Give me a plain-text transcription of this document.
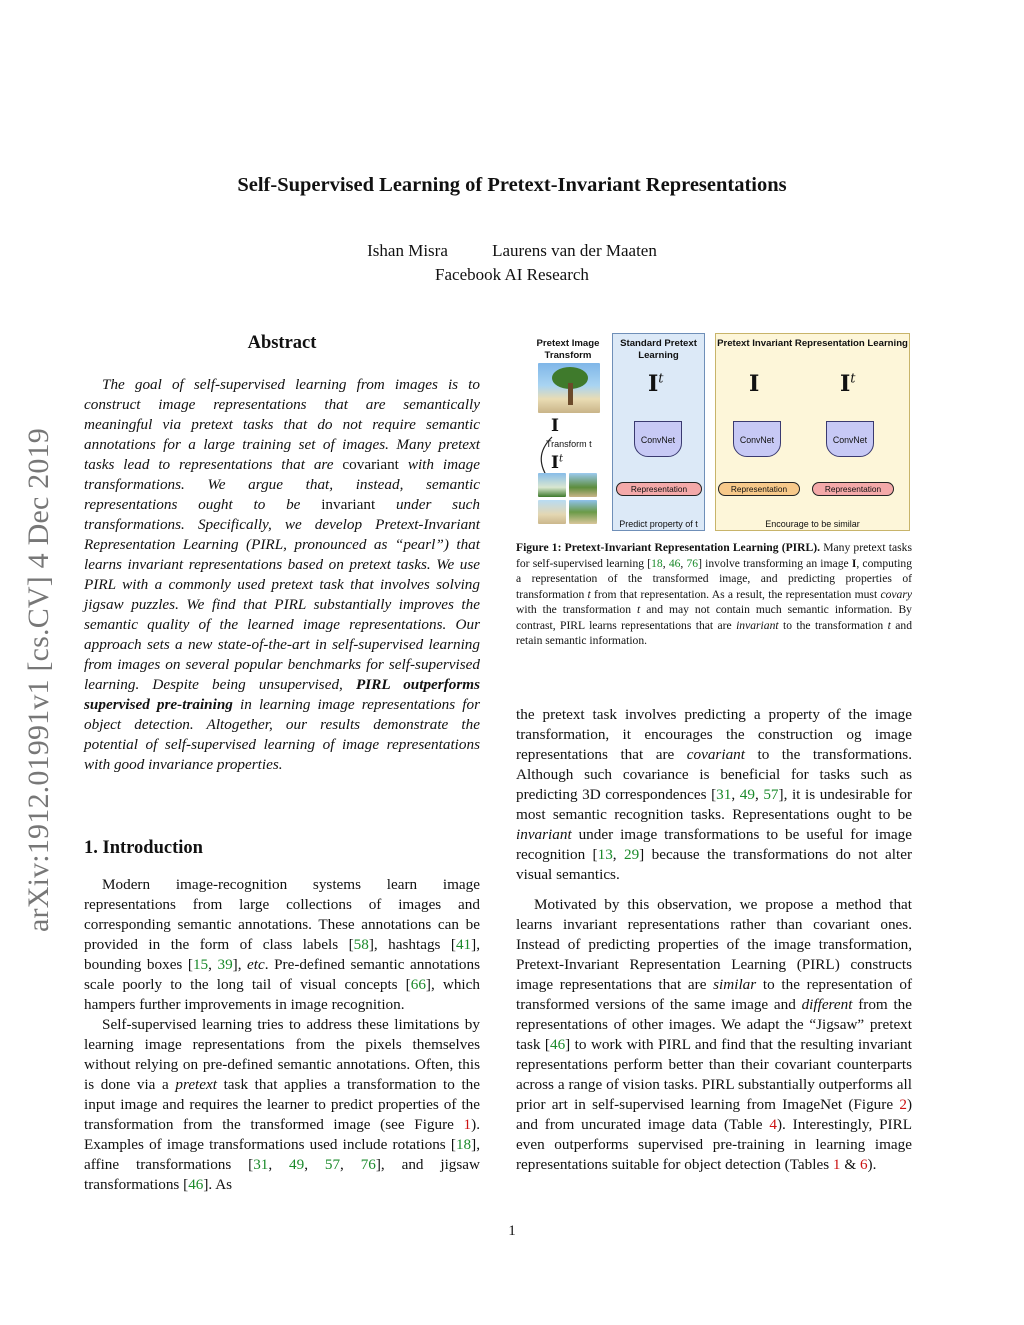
arXiv:1912.01991v1 [cs.CV] 4 Dec 2019
Self-Supervised Learning of Pretext-Invariant Representations
Ishan Misra	Laurens van der Maaten
Facebook AI Research
Abstract
The goal of self-supervised learning from images is to construct image representations that are semantically meaningful via pretext tasks that do not require semantic annotations for a large training set of images. Many pretext tasks lead to representations that are covariant with image transformations. We argue that, instead, semantic representations ought to be invariant under such transformations. Specifically, we develop Pretext-Invariant Representation Learning (PIRL, pronounced as “pearl”) that learns invariant representations based on pretext tasks. We use PIRL with a commonly used pretext task that involves solving jigsaw puzzles. We find that PIRL substantially improves the semantic quality of the learned image representations. Our approach sets a new state-of-the-art in self-supervised learning from images on several popular benchmarks for self-supervised learning. Despite being unsupervised, PIRL outperforms supervised pre-training in learning image representations for object detection. Altogether, our results demonstrate the potential of self-supervised learning of image representations with good invariance properties.
1. Introduction

Modern image-recognition systems learn image representations from large collections of images and corresponding semantic annotations. These annotations can be provided in the form of class labels [58], hashtags [41], bounding boxes [15, 39], etc. Pre-defined semantic annotations scale poorly to the long tail of visual concepts [66], which hampers further improvements in image recognition.

Self-supervised learning tries to address these limitations by learning image representations from the pixels themselves without relying on pre-defined semantic annotations. Often, this is done via a pretext task that applies a transformation to the input image and requires the learner to predict properties of the transformation from the transformed image (see Figure 1). Examples of image transformations used include rotations [18], affine transformations [31, 49, 57, 76], and jigsaw transformations [46]. As

Pretext Image Transform
I
Transform t
$I^t$
Standard Pretext Learning
$I^t$
ConvNet
Representation
Predict property of t
Pretext Invariant Representation Learning
I	$I^t$
ConvNet	ConvNet
Representation	Representation
Encourage to be similar
Figure 1: Pretext-Invariant Representation Learning (PIRL). Many pretext tasks for self-supervised learning [18, 46, 76] involve transforming an image I, computing a representation of the transformed image, and predicting properties of transformation t from that representation. As a result, the representation must covary with the transformation t and may not contain much semantic information. By contrast, PIRL learns representations that are invariant to the transformation t and retain semantic information.

the pretext task involves predicting a property of the image transformation, it encourages the construction og image representations that are covariant to the transformations. Although such covariance is beneficial for tasks such as predicting 3D correspondences [31, 49, 57], it is undesirable for most semantic recognition tasks. Representations ought to be invariant under image transformations to be useful for image recognition [13, 29] because the transformations do not alter visual semantics.

Motivated by this observation, we propose a method that learns invariant representations rather than covariant ones. Instead of predicting properties of the image transformation, Pretext-Invariant Representation Learning (PIRL) constructs image representations that are similar to the representation of transformed versions of the same image and different from the representations of other images. We adapt the “Jigsaw” pretext task [46] to work with PIRL and find that the resulting invariant representations perform better than their covariant counterparts across a range of vision tasks. PIRL substantially outperforms all prior art in self-supervised learning from ImageNet (Figure 2) and from uncurated image data (Table 4). Interestingly, PIRL even outperforms supervised pre-training in learning image representations suitable for object detection (Tables 1 & 6).

1
